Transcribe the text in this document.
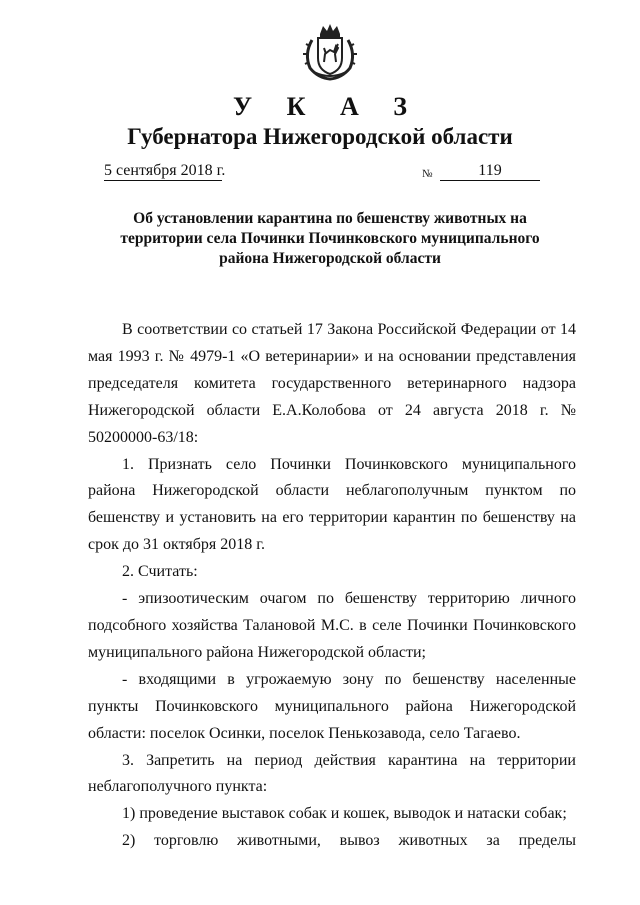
У К А З
Губернатора Нижегородской области
5 сентября 2018 г.	№	119
Об установлении карантина по бешенству животных на
территории села Починки Починковского муниципального
района Нижегородской области

В соответствии со статьей 17 Закона Российской Федерации от 14 мая 1993 г. № 4979-1 «О ветеринарии» и на основании представления председателя комитета государственного ветеринарного надзора Нижегородской области Е.А.Колобова от 24 августа 2018 г. № 50200000-63/18:

1. Признать село Починки Починковского муниципального района Нижегородской области неблагополучным пунктом по бешенству и установить на его территории карантин по бешенству на срок до 31 октября 2018 г.

2. Считать:

- эпизоотическим очагом по бешенству территорию личного подсобного хозяйства Талановой М.С. в селе Починки Починковского муниципального района Нижегородской области;

- входящими в угрожаемую зону по бешенству населенные пункты Починковского муниципального района Нижегородской области: поселок Осинки, поселок Пенькозавода, село Тагаево.

3. Запретить на период действия карантина на территории неблагополучного пункта:

1) проведение выставок собак и кошек, выводок и натаски собак;

2) торговлю животными, вывоз животных за пределы
